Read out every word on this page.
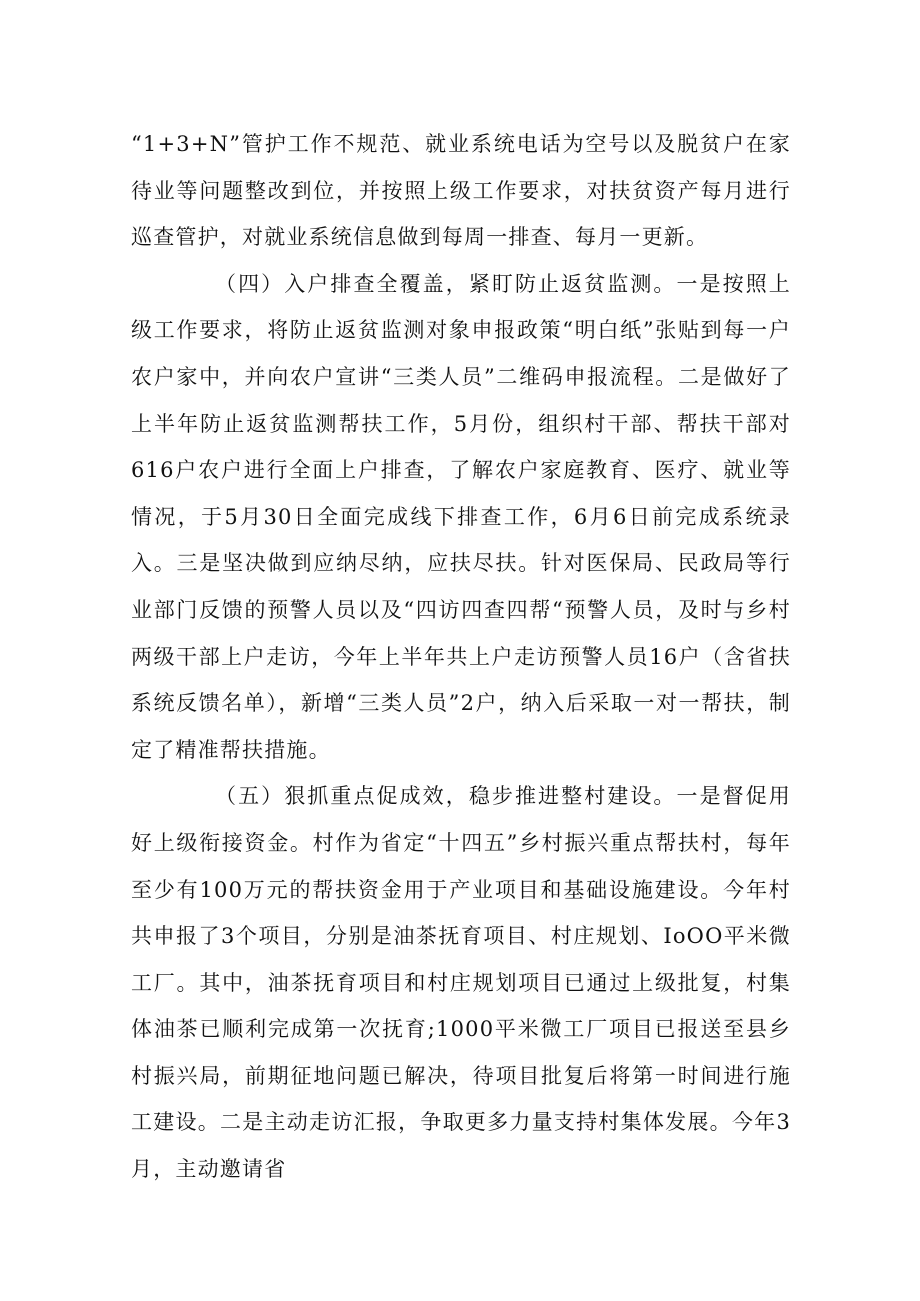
“1+3+N”管护工作不规范、就业系统电话为空号以及脱贫户在家待业等问题整改到位，并按照上级工作要求，对扶贫资产每月进行巡查管护，对就业系统信息做到每周一排查、每月一更新。

（四）入户排查全覆盖，紧盯防止返贫监测。一是按照上级工作要求，将防止返贫监测对象申报政策“明白纸”张贴到每一户农户家中，并向农户宣讲“三类人员”二维码申报流程。二是做好了上半年防止返贫监测帮扶工作，5月份，组织村干部、帮扶干部对616户农户进行全面上户排查，了解农户家庭教育、医疗、就业等情况，于5月30日全面完成线下排查工作，6月6日前完成系统录入。三是坚决做到应纳尽纳，应扶尽扶。针对医保局、民政局等行业部门反馈的预警人员以及“四访四查四帮“预警人员，及时与乡村两级干部上户走访，今年上半年共上户走访预警人员16户（含省扶系统反馈名单），新增“三类人员”2户，纳入后采取一对一帮扶，制定了精准帮扶措施。

（五）狠抓重点促成效，稳步推进整村建设。一是督促用好上级衔接资金。村作为省定“十四五”乡村振兴重点帮扶村，每年至少有100万元的帮扶资金用于产业项目和基础设施建设。今年村共申报了3个项目，分别是油茶抚育项目、村庄规划、IoOO平米微工厂。其中，油茶抚育项目和村庄规划项目已通过上级批复，村集体油茶已顺利完成第一次抚育;1000平米微工厂项目已报送至县乡村振兴局，前期征地问题已解决，待项目批复后将第一时间进行施工建设。二是主动走访汇报，争取更多力量支持村集体发展。今年3月，主动邀请省
